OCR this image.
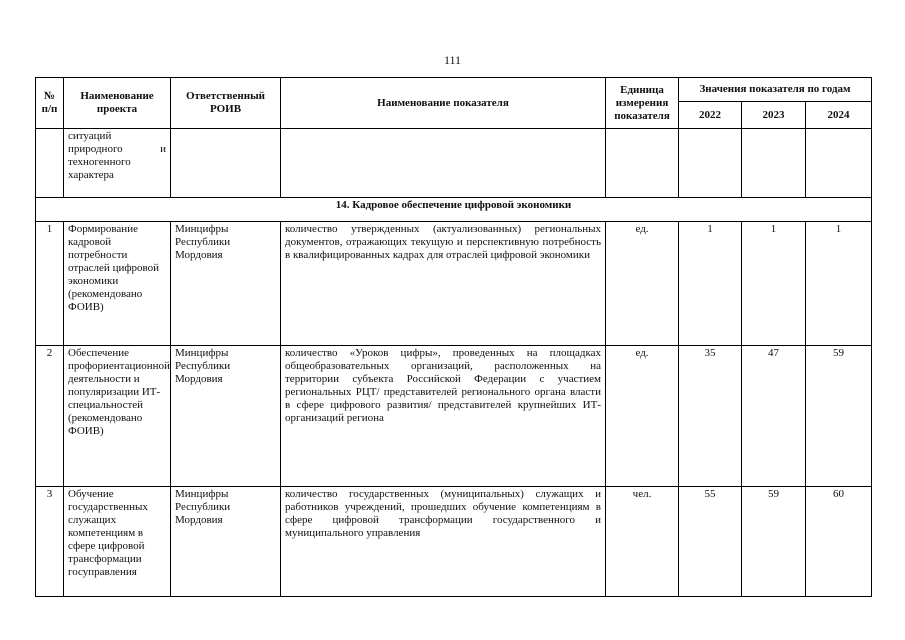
111
№ п/п	Наименование проекта	Ответственный РОИВ	Наименование показателя	Единица измерения показателя	Значения показателя по годам		
					2022	2023	2024
	ситуаций природного и техногенного характера						
14. Кадровое обеспечение цифровой экономики							
1	Формирование кадровой потребности отраслей цифровой экономики (рекомендовано ФОИВ)	Минцифры Республики Мордовия	количество утвержденных (актуализованных) региональных документов, отражающих текущую и перспективную потребность в квалифицированных кадрах для отраслей цифровой экономики	ед.	1	1	1
2	Обеспечение профориентационной деятельности и популяризации ИТ-специальностей (рекомендовано ФОИВ)	Минцифры Республики Мордовия	количество «Уроков цифры», проведенных на площадках общеобразовательных организаций, расположенных на территории субъекта Российской Федерации с участием региональных РЦТ/ представителей регионального органа власти в сфере цифрового развития/ представителей крупнейших ИТ-организаций региона	ед.	35	47	59
3	Обучение государственных служащих компетенциям в сфере цифровой трансформации госуправления	Минцифры Республики Мордовия	количество государственных (муниципальных) служащих и работников учреждений, прошедших обучение компетенциям в сфере цифровой трансформации государственного и муниципального управления	чел.	55	59	60
